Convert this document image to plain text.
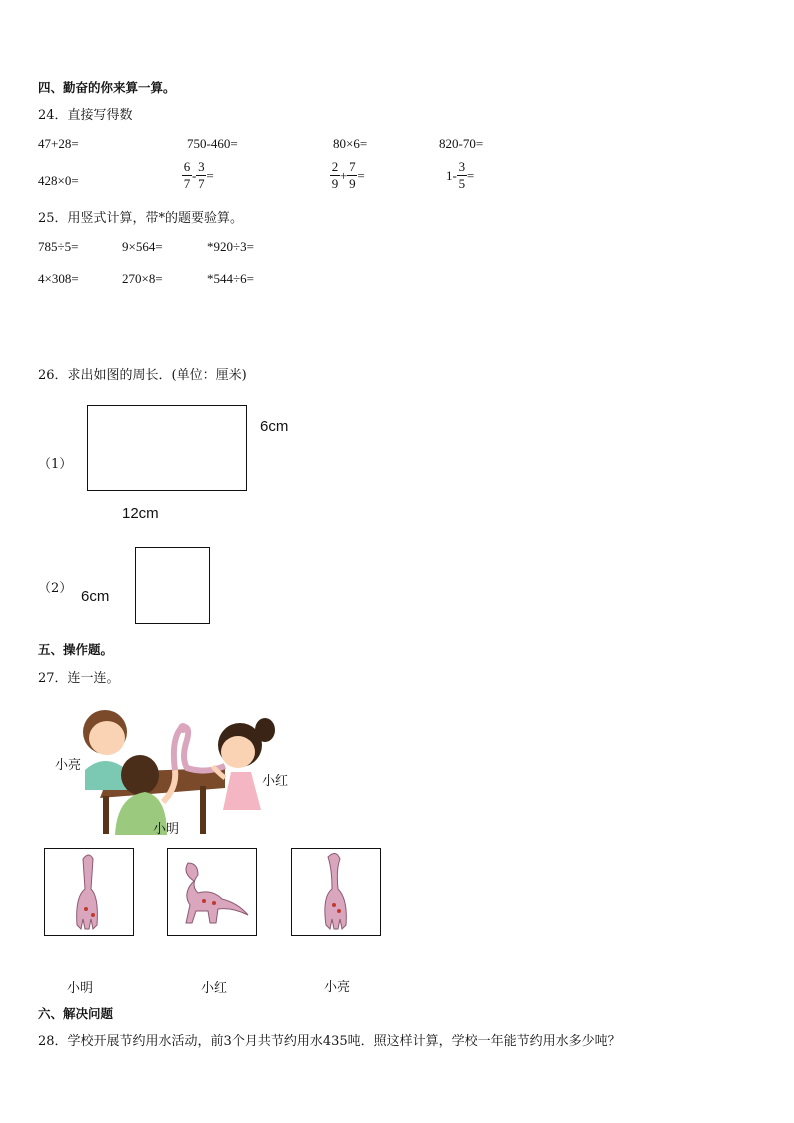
四、勤奋的你来算一算。
24．直接写得数
47+28=	750-460=	80×6=	820-70=
428×0=	$\frac{6}{7} - \frac{3}{7}$ =	$\frac{2}{9} + \frac{7}{9}$ =	$1- \frac{3}{5}$ =
25．用竖式计算，带*的题要验算。
785÷5=	9×564=	*920÷3=
4×308=	270×8=	*544÷6=
26．求出如图的周长．(单位：厘米)
（1）
6cm
12cm
（2） 6cm
五、操作题。
27．连一连。
小亮
小红
小明
小明	小红	小亮
六、解决问题
28．学校开展节约用水活动，前3个月共节约用水435吨．照这样计算，学校一年能节约用水多少吨？
